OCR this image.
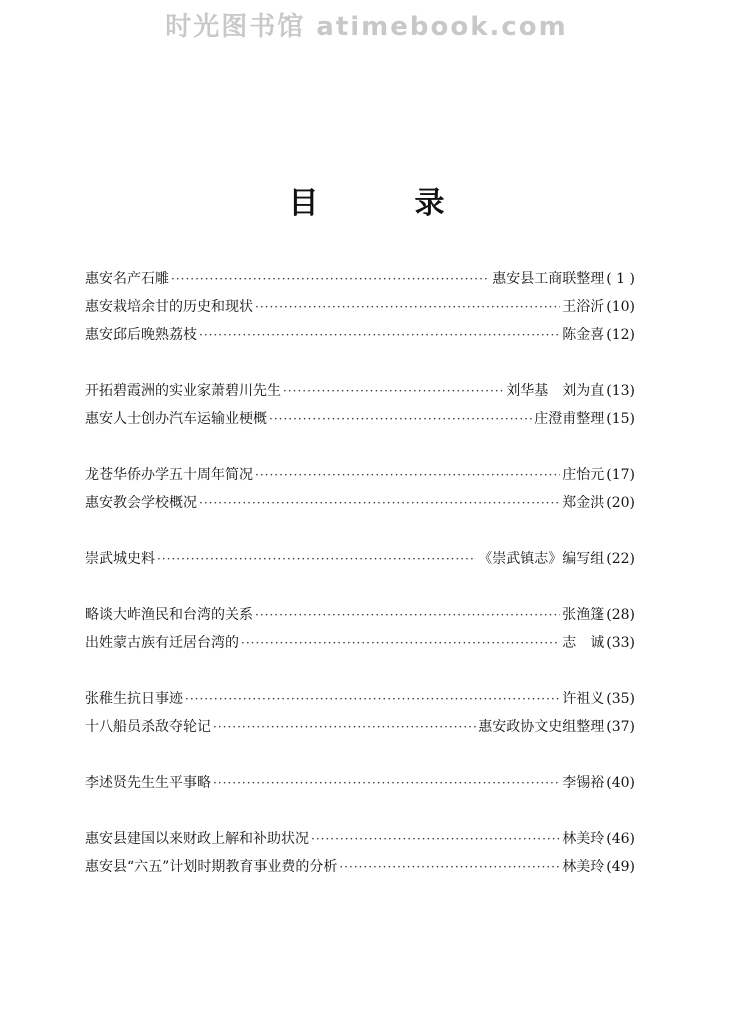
时光图书馆 atimebook.com
目	录
惠安名产石雕 ·····	惠安县工商联整理 ( 1 )
惠安栽培余甘的历史和现状 ·····	王浴沂 (10)
惠安邱后晚熟荔枝 ·····	陈金喜 (12)
开拓碧霞洲的实业家萧碧川先生 ·····	刘华基　刘为直 (13)
惠安人士创办汽车运输业梗概 ·····	庄澄甫整理 (15)
龙苍华侨办学五十周年简况 ·····	庄怡元 (17)
惠安教会学校概况 ·····	郑金洪 (20)
崇武城史料 ·····	《崇武镇志》编写组 (22)
略谈大岞渔民和台湾的关系 ·····	张渔篷 (28)
出姓蒙古族有迁居台湾的 ·····	志　诚 (33)
张稚生抗日事迹 ·····	许祖义 (35)
十八船员杀敌夺轮记 ·····	惠安政协文史组整理 (37)
李述贤先生生平事略 ·····	李锡裕 (40)
惠安县建国以来财政上解和补助状况 ·····	林美玲 (46)
惠安县“六五”计划时期教育事业费的分析 ·····	林美玲 (49)
